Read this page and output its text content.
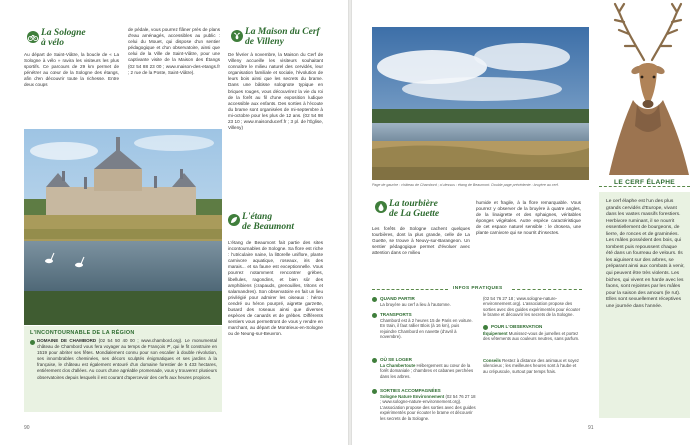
La Sologne
à vélo
Au départ de Saint-Viâtre, la boucle de « La Sologne à vélo » ravira les visiteurs les plus sportifs. Ce parcours de 29 km permet de pénétrer au cœur de la Sologne des étangs, afin d'en découvrir toute la richesse. Entre deux coups
de pédale, vous pourrez flâner près de plans d'eau aménagés, accessibles au public : celui du Mouet, qui dispose d'un sentier pédagogique et d'un observatoire, ainsi que celui de la Ville de Saint-Viâtre, pour une captivante visite de la Maison des Étangs (02 54 88 23 00 ; www.maison-des-etangs.fr ; 2 rue de la Poste, Saint-Viâtre).
La Maison du Cerf
de Villeny
De février à novembre, la Maison du Cerf de Villeny accueille les visiteurs souhaitant connaître le milieu naturel des cervidés, leur organisation familiale et sociale, l'évolution de leurs bois ainsi que les secrets du brame. Dans une bâtisse solognote typique en briques rouges, vous découvrirez la vie du roi de la forêt au fil d'une exposition ludique accessible aux enfants. Des sorties à l'écoute du brame sont organisées de mi-septembre à mi-octobre pour les plus de 12 ans. (02 54 98 23 10 ; www.maisonducerf.fr ; 3 pl. de l'Église, Villeny)
L'étang
de Beaumont
L'étang de Beaumont fait partie des sites incontournables de Sologne. Sa flore est riche : l'utriculaire naine, la littorelle uniflore, plante carnivore aquatique, roseaux, iris des marais... et sa faune est exceptionnelle. Vous pourrez notamment rencontrer grèbes, libellules, ragondins, et bien sûr des amphibiens (crapauds, grenouilles, tritons et salamandres). Son observatoire en fait un lieu privilégié pour admirer les oiseaux : héron cendré ou héron pourpré, aigrette garzette, busard des roseaux ainsi que diverses espèces de canards et de grèbes. Différents sentiers vous permettront de vous y rendre en marchant, au départ de Montrieux-en-Sologne ou de Neung-sur-Beuvron.
L'INCONTOURNABLE DE LA RÉGION
DOMAINE DE CHAMBORD (02 54 50 40 00 ; www.chambord.org). Le monumental château de Chambord vous fera voyager au temps de François Iᵉʳ, qui le fit construire en 1519 pour abriter ses fêtes. Mondialement connu pour son escalier à double révolution, ses innombrables cheminées, ses décors sculptés énigmatiques et ses jardins à la française, le château est également entouré d'un domaine forestier de 5 433 hectares, entièrement clos d'allées. Au cours d'une agréable promenade, vous y trouverez plusieurs observatoires depuis lesquels il est courant d'apercevoir des cerfs aux heures propices.
90
Page de gauche : château de Chambord ; ci-dessus : étang de Beaumont. Double page précédente : bruyère au cerf.
La tourbière
de La Guette
Les forêts de Sologne cachent quelques tourbières, dont la plus grande, celle de La Guette, se trouve à Neuvy-sur-Barangeon. Un sentier pédagogique permet d'évoluer avec attention dans ce milieu
humide et fragile, à la flore remarquable. Vous pourrez y observer de la bruyère à quatre angles, de la linaigrette et des sphaignes, véritables éponges végétales. Autre espèce caractéristique de cet espace naturel sensible : le drosera, une plante carnivore qui se nourrit d'insectes.
INFOS PRATIQUES
QUAND PARTIR
La bruyère au cerf a lieu à l'automne.
TRANSPORTS
Chambord est à 2 heures 15 de Paris en voiture. En train, il faut rallier Blois (à 16 km), puis rejoindre Chambord en navette (d'avril à novembre).
OÙ SE LOGER
La Chambertoute Hébergement au cœur de la forêt domaniale ; chambres et cabanes perchées dans les arbres.
SORTIES ACCOMPAGNÉES
Sologne Nature Environnement (02 54 76 27 18 ; www.sologne-nature-environnement.org). L'association propose des sorties avec des guides expérimentés pour écouter le brame et découvrir les secrets de la Sologne.
(02 54 76 27 18 ; www.sologne-nature-environnement.org). L'association propose des sorties avec des guides expérimentés pour écouter le brame et découvrir les secrets de la Sologne.
POUR L'OBSERVATION
Équipement Munissez-vous de jumelles et portez des vêtements aux couleurs neutres, sans parfum.
Conseils Restez à distance des animaux et soyez silencieux ; les meilleures heures sont à l'aube et au crépuscule, surtout par temps frais.
LE CERF ÉLAPHE
Le cerf élaphe est l'un des plus grands cervidés d'Europe, vivant dans les vastes massifs forestiers. Herbivore ruminant, il se nourrit essentiellement de bourgeons, de lierre, de ronces et de graminées. Les mâles possèdent des bois, qui tombent puis repoussent chaque été dans un fourreau de velours. Ils les aiguisent sur des arbres, se préparant ainsi aux combats à venir, qui peuvent être très violents. Les biches, qui vivent en harde avec les faons, sont rejointes par les mâles pour la saison des amours (le rut). Elles sont sexuellement réceptives une journée dans l'année.
91
